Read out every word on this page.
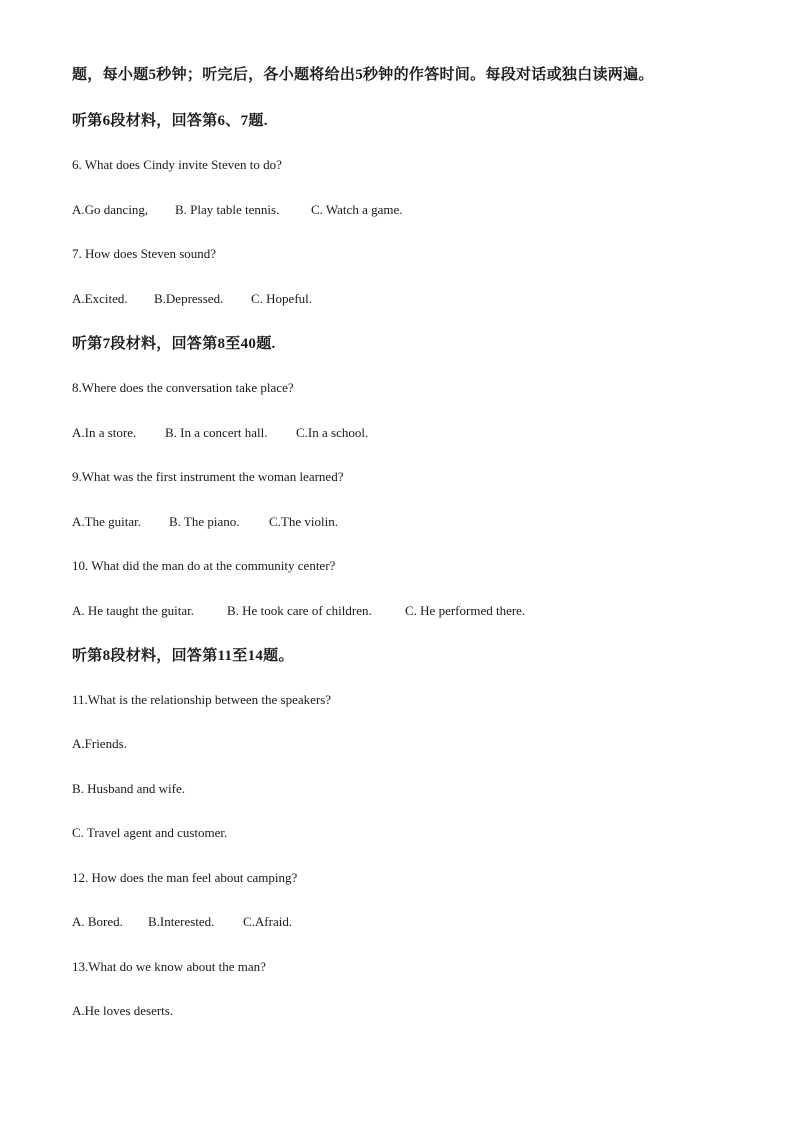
题，每小题5秒钟；听完后，各小题将给出5秒钟的作答时间。每段对话或独白读两遍。
听第6段材料，回答第6、7题.
6. What does Cindy invite Steven to do?
A.Go dancing, B. Play table tennis. C. Watch a game.
7. How does Steven sound?
A.Excited. B.Depressed. C. Hopeful.
听第7段材料，回答第8至40题.
8.Where does the conversation take place?
A.In a store. B. In a concert hall. C.In a school.
9.What was the first instrument the woman learned?
A.The guitar. B. The piano. C.The violin.
10. What did the man do at the community center?
A. He taught the guitar.	B. He took care of children.	C. He performed there.
听第8段材料，回答第11至14题。
11.What is the relationship between the speakers?
A.Friends.
B. Husband and wife.
C. Travel agent and customer.
12. How does the man feel about camping?
A. Bored. B.Interested. C.Afraid.
13.What do we know about the man?
A.He loves deserts.
